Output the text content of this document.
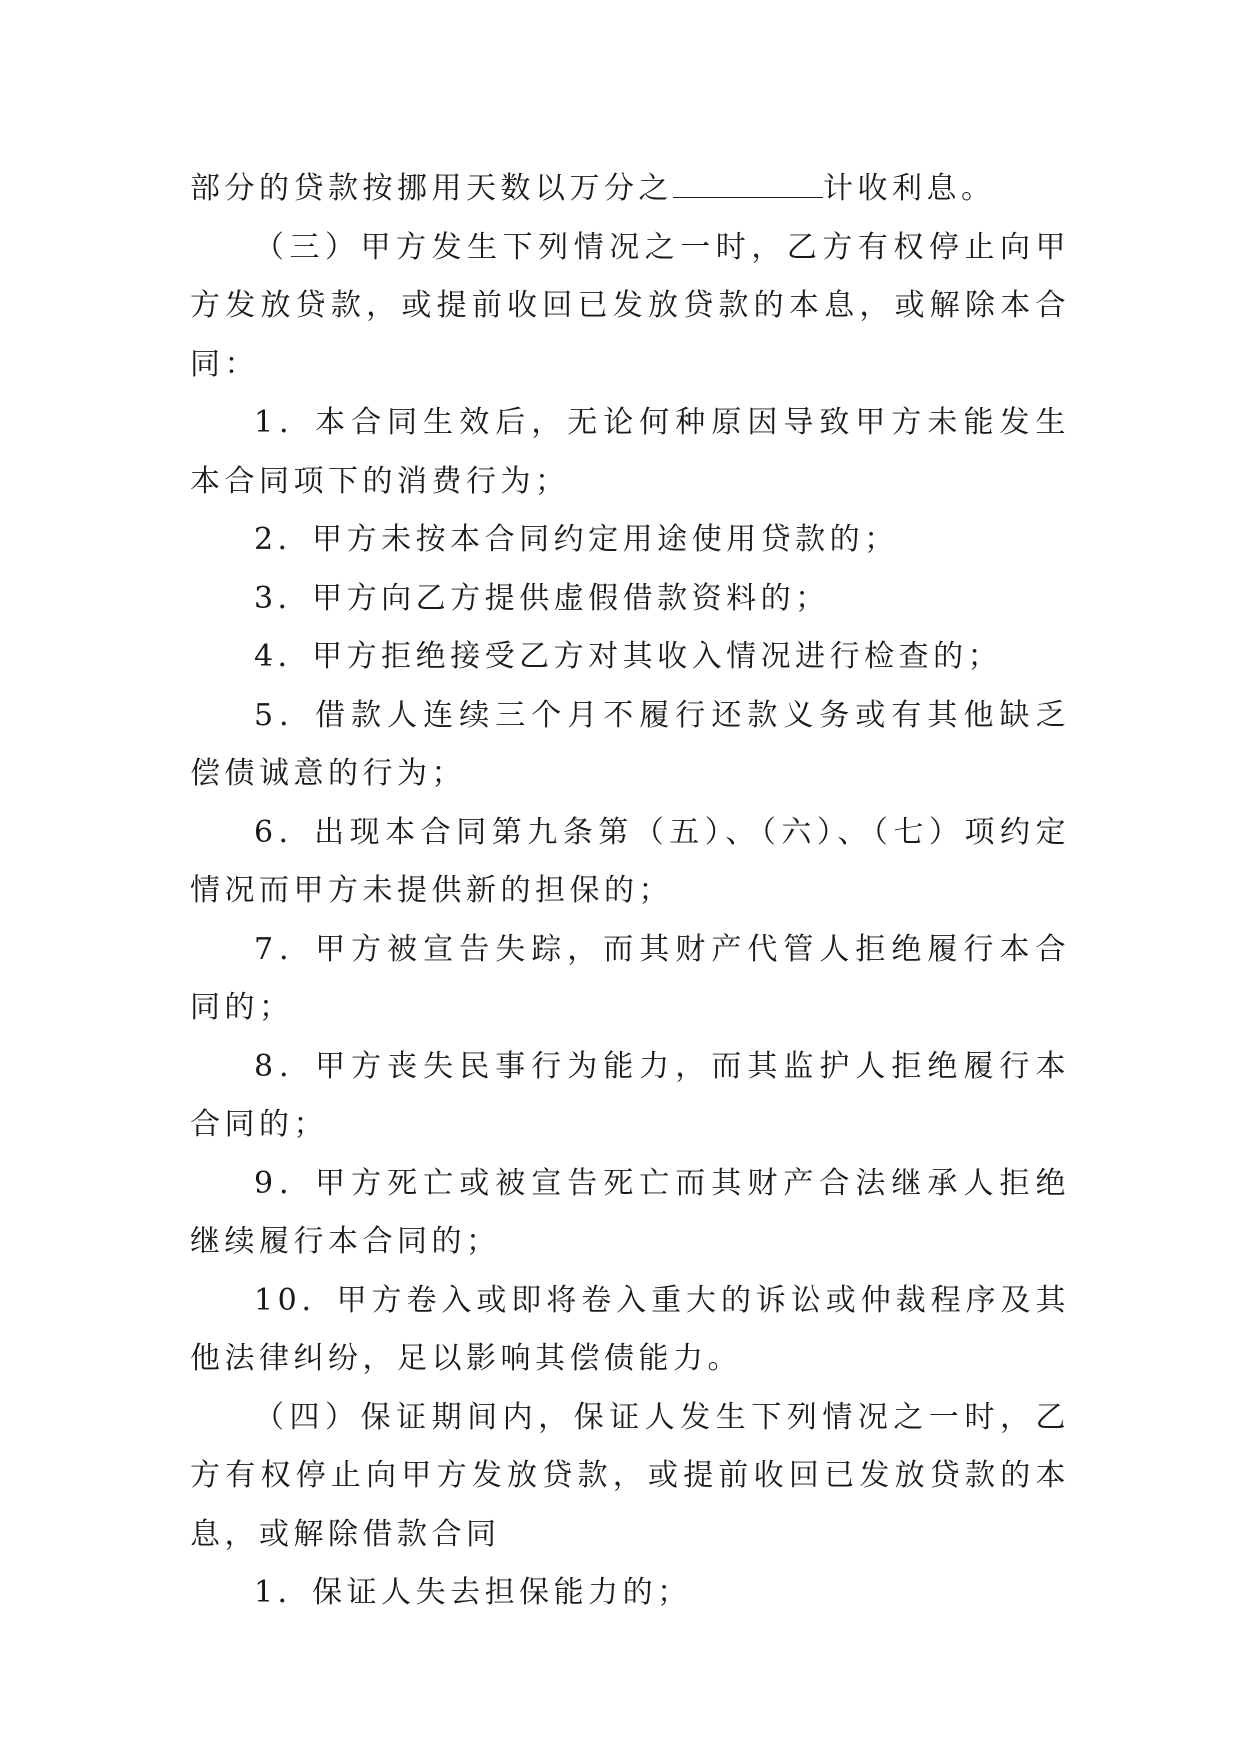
部分的贷款按挪用天数以万分之	计收利息。

（三）甲方发生下列情况之一时，乙方有权停止向甲方发放贷款，或提前收回已发放贷款的本息，或解除本合同：

1．本合同生效后，无论何种原因导致甲方未能发生本合同项下的消费行为；

2．甲方未按本合同约定用途使用贷款的；

3．甲方向乙方提供虚假借款资料的；

4．甲方拒绝接受乙方对其收入情况进行检查的；

5．借款人连续三个月不履行还款义务或有其他缺乏偿债诚意的行为；

6．出现本合同第九条第（五）、（六）、（七）项约定情况而甲方未提供新的担保的；

7．甲方被宣告失踪，而其财产代管人拒绝履行本合同的；

8．甲方丧失民事行为能力，而其监护人拒绝履行本合同的；

9．甲方死亡或被宣告死亡而其财产合法继承人拒绝继续履行本合同的；

10．甲方卷入或即将卷入重大的诉讼或仲裁程序及其他法律纠纷，足以影响其偿债能力。

（四）保证期间内，保证人发生下列情况之一时，乙方有权停止向甲方发放贷款，或提前收回已发放贷款的本息，或解除借款合同

1．保证人失去担保能力的；
